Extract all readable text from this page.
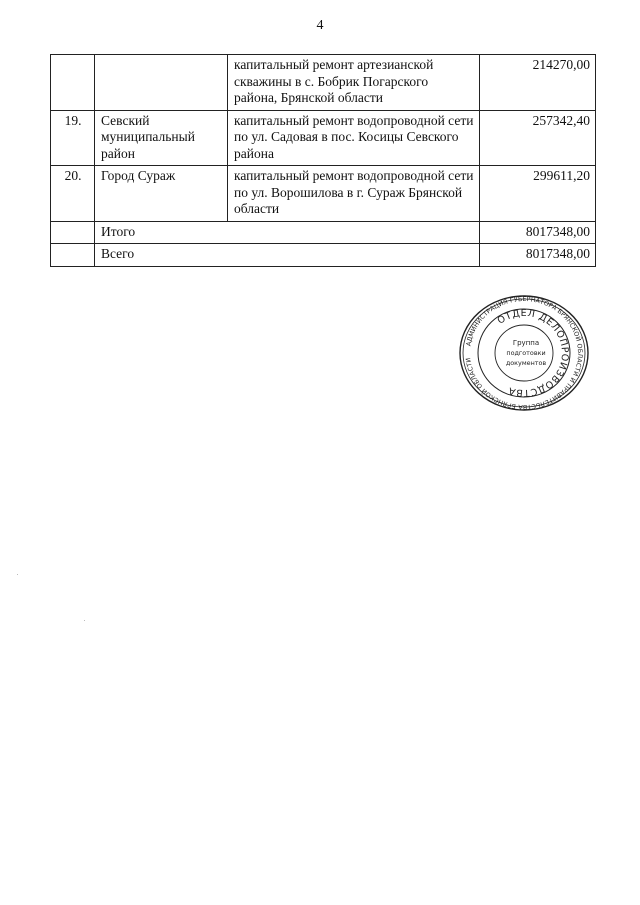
4
		капитальный ремонт артезианской скважины в с. Бобрик Погарского района, Брянской области	214270,00
19.	Севский муниципальный район	капитальный ремонт водопроводной сети по ул. Садовая в пос. Косицы Севского района	257342,40
20.	Город Сураж	капитальный ремонт водопроводной сети по ул. Ворошилова в г. Сураж Брянской области	299611,20
	Итого		8017348,00
	Всего		8017348,00
АДМИНИСТРАЦИЯ ГУБЕРНАТОРА БРЯНСКОЙ ОБЛАСТИ И ПРАВИТЕЛЬСТВА БРЯНСКОЙ ОБЛАСТИ
ОТДЕЛ ДЕЛОПРОИЗВОДСТВА
Группа
подготовки
документов
